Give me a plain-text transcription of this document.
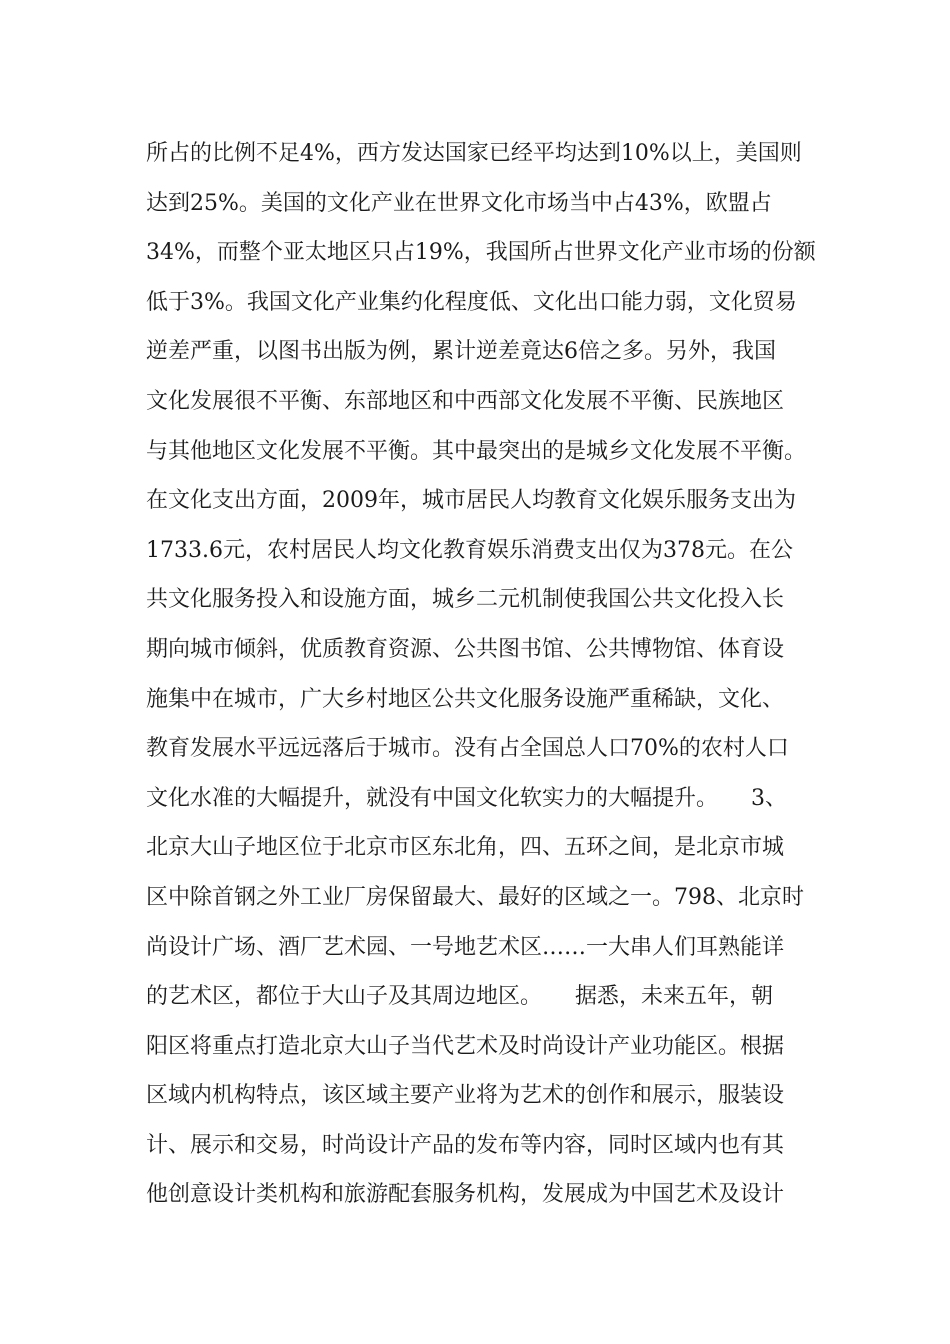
所占的比例不足4%，西方发达国家已经平均达到10%以上，美国则
达到25%。美国的文化产业在世界文化市场当中占43%，欧盟占
34%，而整个亚太地区只占19%，我国所占世界文化产业市场的份额
低于3%。我国文化产业集约化程度低、文化出口能力弱，文化贸易
逆差严重，以图书出版为例，累计逆差竟达6倍之多。另外，我国
文化发展很不平衡、东部地区和中西部文化发展不平衡、民族地区
与其他地区文化发展不平衡。其中最突出的是城乡文化发展不平衡。
在文化支出方面，2009年，城市居民人均教育文化娱乐服务支出为
1733.6元，农村居民人均文化教育娱乐消费支出仅为378元。在公
共文化服务投入和设施方面，城乡二元机制使我国公共文化投入长
期向城市倾斜，优质教育资源、公共图书馆、公共博物馆、体育设
施集中在城市，广大乡村地区公共文化服务设施严重稀缺，文化、
教育发展水平远远落后于城市。没有占全国总人口70%的农村人口
文化水准的大幅提升，就没有中国文化软实力的大幅提升。　　3、
北京大山子地区位于北京市区东北角，四、五环之间，是北京市城
区中除首钢之外工业厂房保留最大、最好的区域之一。798、北京时
尚设计广场、酒厂艺术园、一号地艺术区……一大串人们耳熟能详
的艺术区，都位于大山子及其周边地区。　　据悉，未来五年，朝
阳区将重点打造北京大山子当代艺术及时尚设计产业功能区。根据
区域内机构特点，该区域主要产业将为艺术的创作和展示，服装设
计、展示和交易，时尚设计产品的发布等内容，同时区域内也有其
他创意设计类机构和旅游配套服务机构，发展成为中国艺术及设计
